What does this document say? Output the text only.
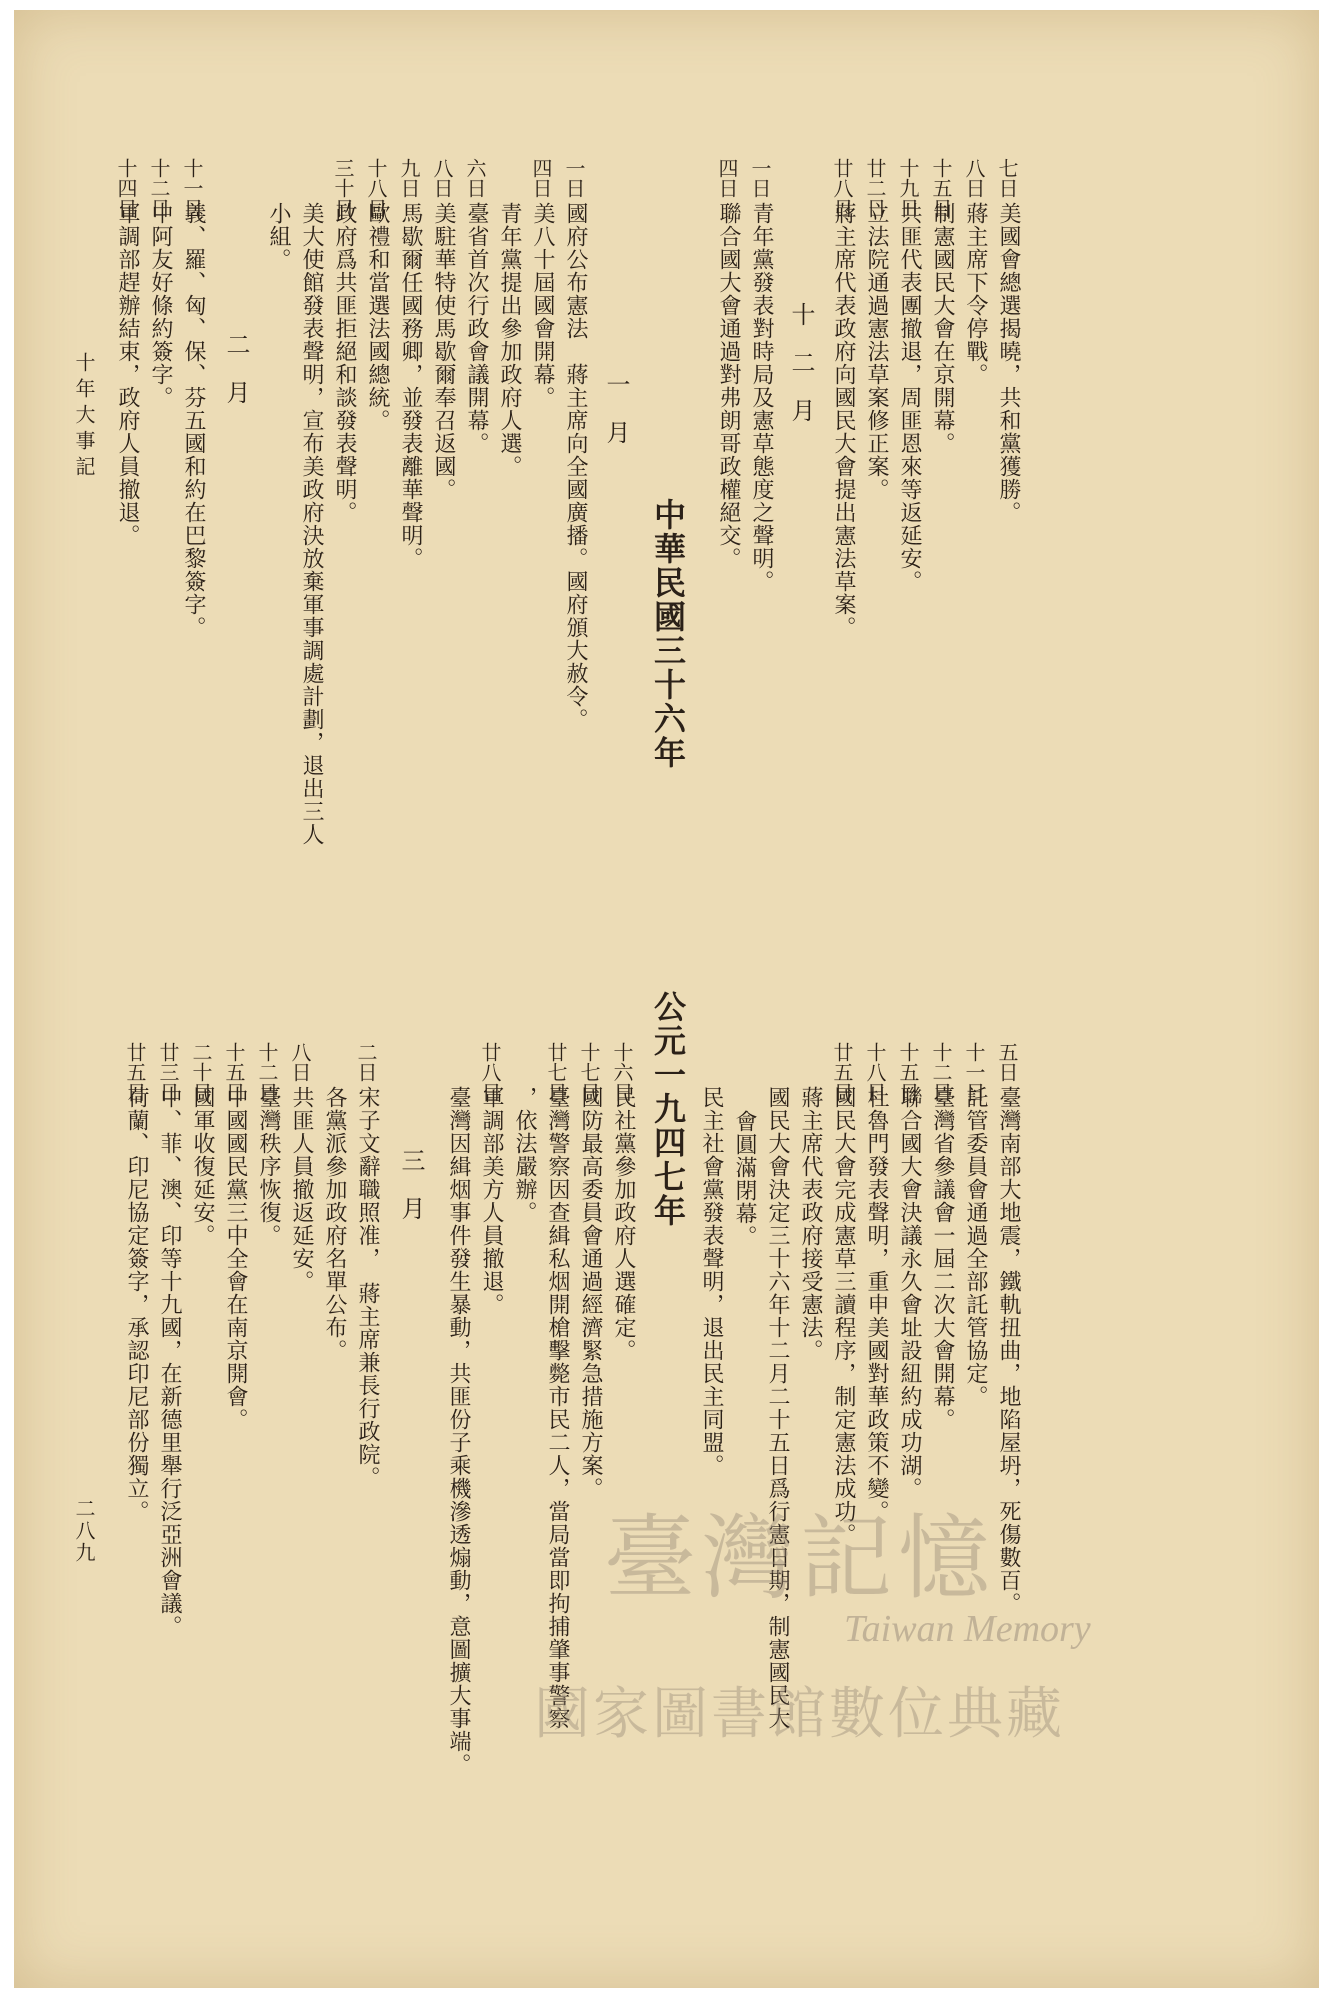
七日
美國會總選揭曉，共和黨獲勝。
八日
蔣主席下令停戰。
十五日
制憲國民大會在京開幕。
十九日
共匪代表團撤退，周匪恩來等返延安。
廿二日
立法院通過憲法草案修正案。
廿八日
蔣主席代表政府向國民大會提出憲法草案。
十二月
一日
青年黨發表對時局及憲草態度之聲明。
四日
聯合國大會通過對弗朗哥政權絕交。
中華民國三十六年公元一九四七年
一月
一日
國府公布憲法　蔣主席向全國廣播。國府頒大赦令。
四日
美八十屆國會開幕。
青年黨提出參加政府人選。
六日
臺省首次行政會議開幕。
八日
美駐華特使馬歇爾奉召返國。
九日
馬歇爾任國務卿，並發表離華聲明。
十八日
歐禮和當選法國總統。
三十日
政府爲共匪拒絕和談發表聲明。
美大使館發表聲明，宣布美政府決放棄軍事調處計劃，退出三人
小組。
二月
十一日
義、羅、匈、保、芬五國和約在巴黎簽字。
十二日
中阿友好條約簽字。
十四日
軍調部趕辦結束，政府人員撤退。
五日
臺灣南部大地震，鐵軌扭曲，地陷屋坍，死傷數百。
十一日
託管委員會通過全部託管協定。
十二日
臺灣省參議會一屆二次大會開幕。
十五日
聯合國大會決議永久會址設紐約成功湖。
十八日
杜魯門發表聲明，重申美國對華政策不變。
廿五日
國民大會完成憲草三讀程序，制定憲法成功。
蔣主席代表政府接受憲法。
國民大會決定三十六年十二月二十五日爲行憲日期，制憲國民大
會圓滿閉幕。
民主社會黨發表聲明，退出民主同盟。
十六日
民社黨參加政府人選確定。
十七日
國防最高委員會通過經濟緊急措施方案。
廿七日
臺灣警察因查緝私烟開槍擊斃市民二人，當局當即拘捕肇事警察
，依法嚴辦。
廿八日
軍調部美方人員撤退。
臺灣因緝烟事件發生暴動，共匪份子乘機滲透煽動，意圖擴大事端。
三月
二日
宋子文辭職照准，　蔣主席兼長行政院。
各黨派參加政府名單公布。
八日
共匪人員撤返延安。
十二日
臺灣秩序恢復。
十五日
中國國民黨三中全會在南京開會。
二十日
國軍收復延安。
廿三日
中、菲、澳、印等十九國，在新德里舉行泛亞洲會議。
廿五日
荷蘭、印尼協定簽字，承認印尼部份獨立。
十年大事記
二八九	臺灣記憶
Taiwan Memory
國家圖書館數位典藏
